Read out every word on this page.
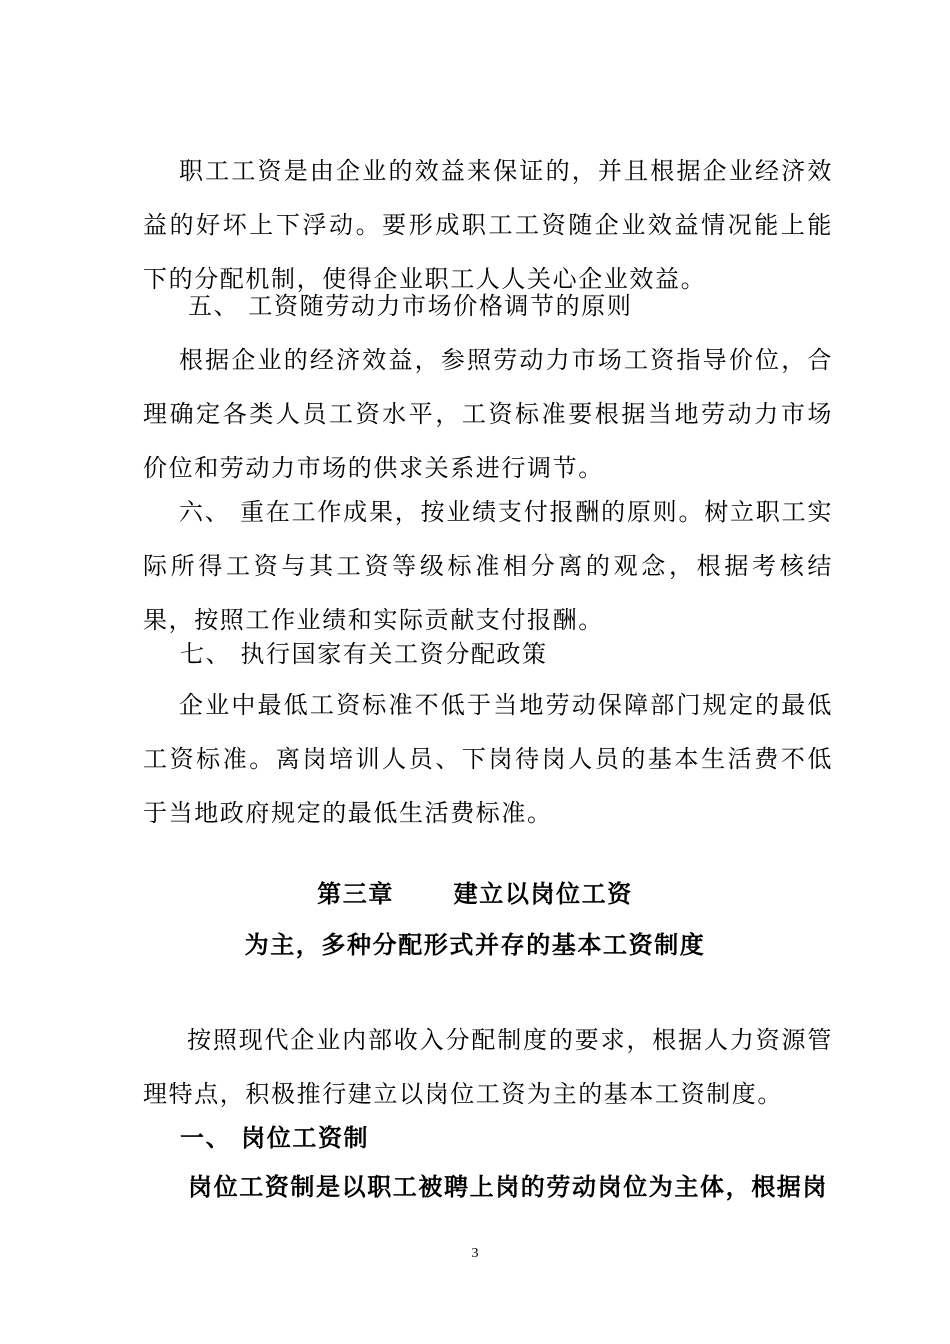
职工工资是由企业的效益来保证的，并且根据企业经济效益的好坏上下浮动。要形成职工工资随企业效益情况能上能下的分配机制，使得企业职工人人关心企业效益。

五、 工资随劳动力市场价格调节的原则

根据企业的经济效益，参照劳动力市场工资指导价位，合理确定各类人员工资水平，工资标准要根据当地劳动力市场价位和劳动力市场的供求关系进行调节。

六、 重在工作成果，按业绩支付报酬的原则。树立职工实际所得工资与其工资等级标准相分离的观念，根据考核结果，按照工作业绩和实际贡献支付报酬。

七、 执行国家有关工资分配政策

企业中最低工资标准不低于当地劳动保障部门规定的最低工资标准。离岗培训人员、下岗待岗人员的基本生活费不低于当地政府规定的最低生活费标准。

第三章      建立以岗位工资

为主，多种分配形式并存的基本工资制度

按照现代企业内部收入分配制度的要求，根据人力资源管理特点，积极推行建立以岗位工资为主的基本工资制度。

一、 岗位工资制

岗位工资制是以职工被聘上岗的劳动岗位为主体，根据岗

3
